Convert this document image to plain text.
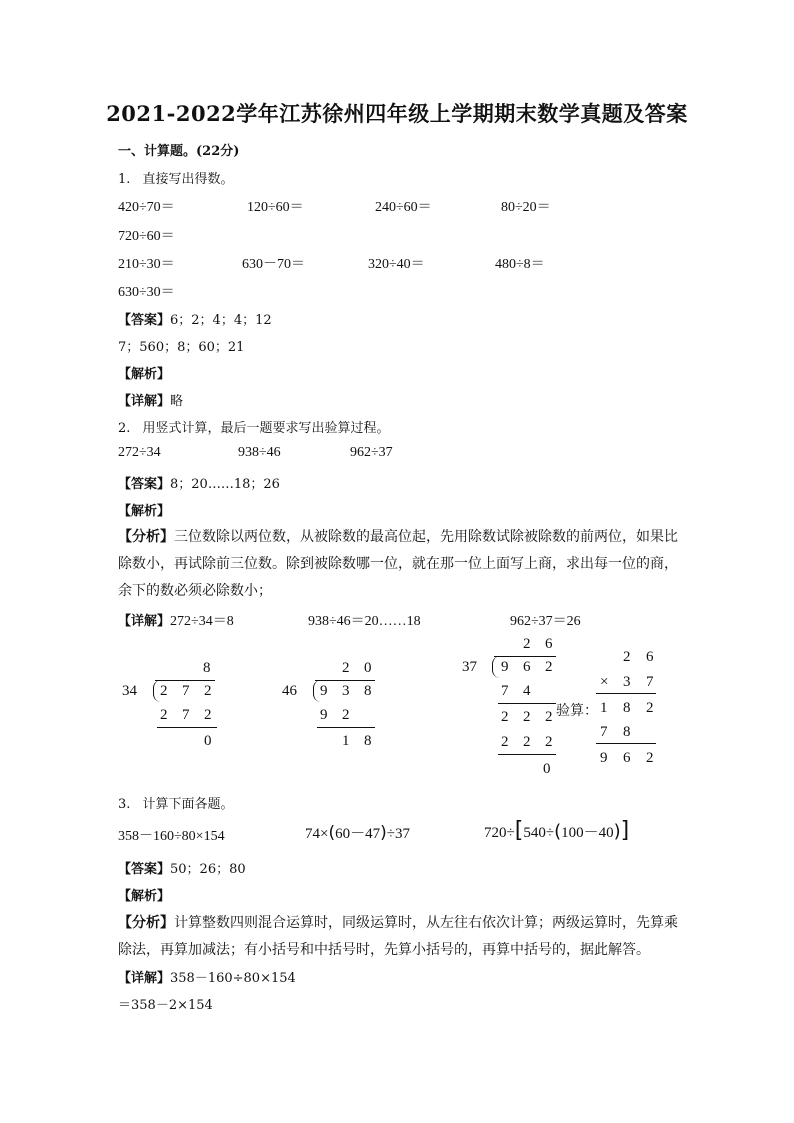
2021-2022学年江苏徐州四年级上学期期末数学真题及答案
一、计算题。(22分)
1. 直接写出得数。
420÷70＝	120÷60＝	240÷60＝	80÷20＝
720÷60＝
210÷30＝	630－70＝	320÷40＝	480÷8＝
630÷30＝
【答案】6；2；4；4；12
7；560；8；60；21
【解析】
【详解】略
2. 用竖式计算，最后一题要求写出验算过程。
272÷34	938÷46	962÷37
【答案】8；20……18；26
【解析】
【分析】三位数除以两位数，从被除数的最高位起，先用除数试除被除数的前两位，如果比
除数小，再试除前三位数。除到被除数哪一位，就在那一位上面写上商，求出每一位的商，
余下的数必须必除数小；
【详解】272÷34＝8	938÷46＝20……18	962÷37＝26
8
34 2 7 2
2 7 2
0
2 0
46 9 3 8
9 2
1 8
2 6
37 9 6 2
7 4
2 2 2
2 2 2
0
验算：
2 6
× 3 7
1 8 2
7 8
9 6 2
3. 计算下面各题。
358－160÷80×154	74×(60－47)÷37	720÷[540÷(100－40)]
【答案】50；26；80
【解析】
【分析】计算整数四则混合运算时，同级运算时，从左往右依次计算；两级运算时，先算乘
除法，再算加减法；有小括号和中括号时，先算小括号的，再算中括号的，据此解答。
【详解】358－160÷80×154
＝358－2×154
